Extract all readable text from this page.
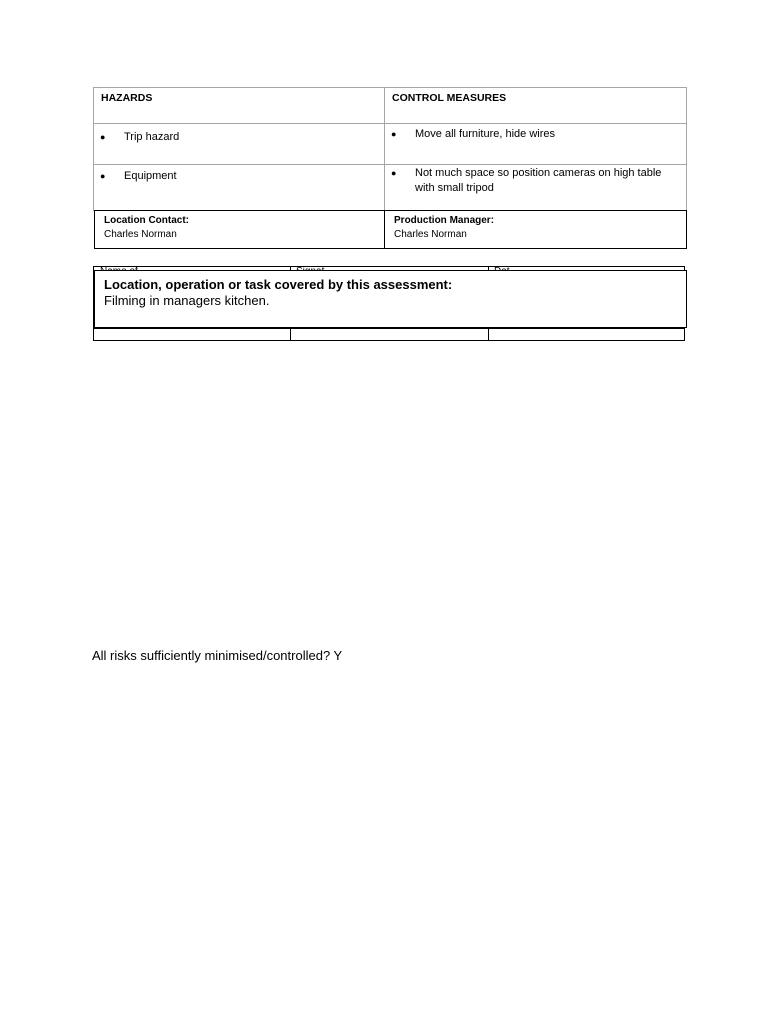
HAZARDS	CONTROL MEASURES

● Trip hazard	● Move all furniture, hide wires

● Equipment	● Not much space so position cameras on high table with small tripod
Location Contact:
Charles Norman
Production Manager:
Charles Norman
Location, operation or task covered by this assessment:
Filming in managers kitchen.
All risks sufficiently minimised/controlled? Y
